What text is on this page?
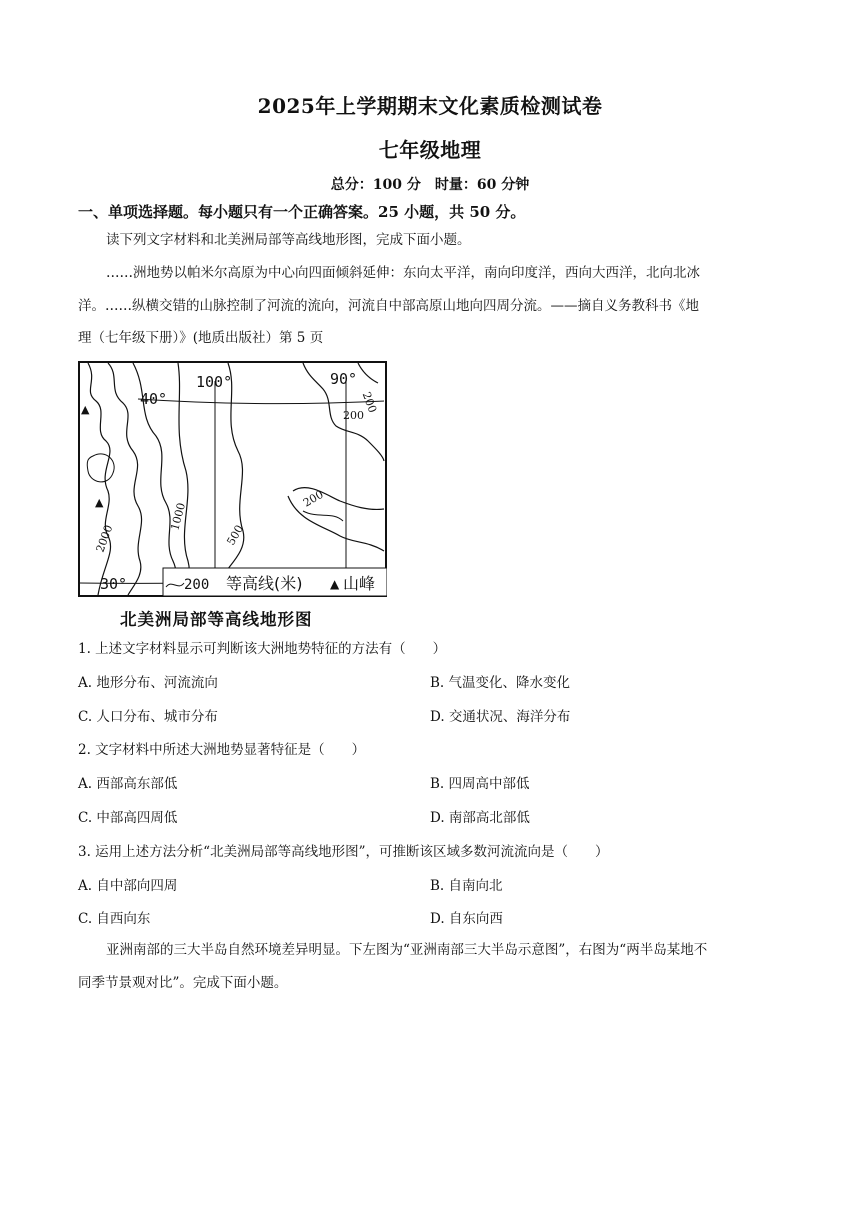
2025年上学期期末文化素质检测试卷
七年级地理
总分：100 分　时量：60 分钟
一、单项选择题。每小题只有一个正确答案。25 小题，共 50 分。
读下列文字材料和北美洲局部等高线地形图，完成下面小题。
……洲地势以帕米尔高原为中心向四面倾斜延伸：东向太平洋，南向印度洋，西向大西洋，北向北冰
洋。……纵横交错的山脉控制了河流的流向，河流自中部高原山地向四周分流。——摘自义务教科书《地
理（七年级下册）》(地质出版社）第 5 页
▲
▲
40°
100°	90°
30°
200
200
200
2000
1000
500
200 等高线(米) ▲ 山峰
北美洲局部等高线地形图
1. 上述文字材料显示可判断该大洲地势特征的方法有（　　）
A. 地形分布、河流流向	B. 气温变化、降水变化
C. 人口分布、城市分布	D. 交通状况、海洋分布
2. 文字材料中所述大洲地势显著特征是（　　）
A. 西部高东部低	B. 四周高中部低
C. 中部高四周低	D. 南部高北部低
3. 运用上述方法分析“北美洲局部等高线地形图”，可推断该区域多数河流流向是（　　）
A. 自中部向四周	B. 自南向北
C. 自西向东	D. 自东向西
亚洲南部的三大半岛自然环境差异明显。下左图为“亚洲南部三大半岛示意图”，右图为“两半岛某地不
同季节景观对比”。完成下面小题。
